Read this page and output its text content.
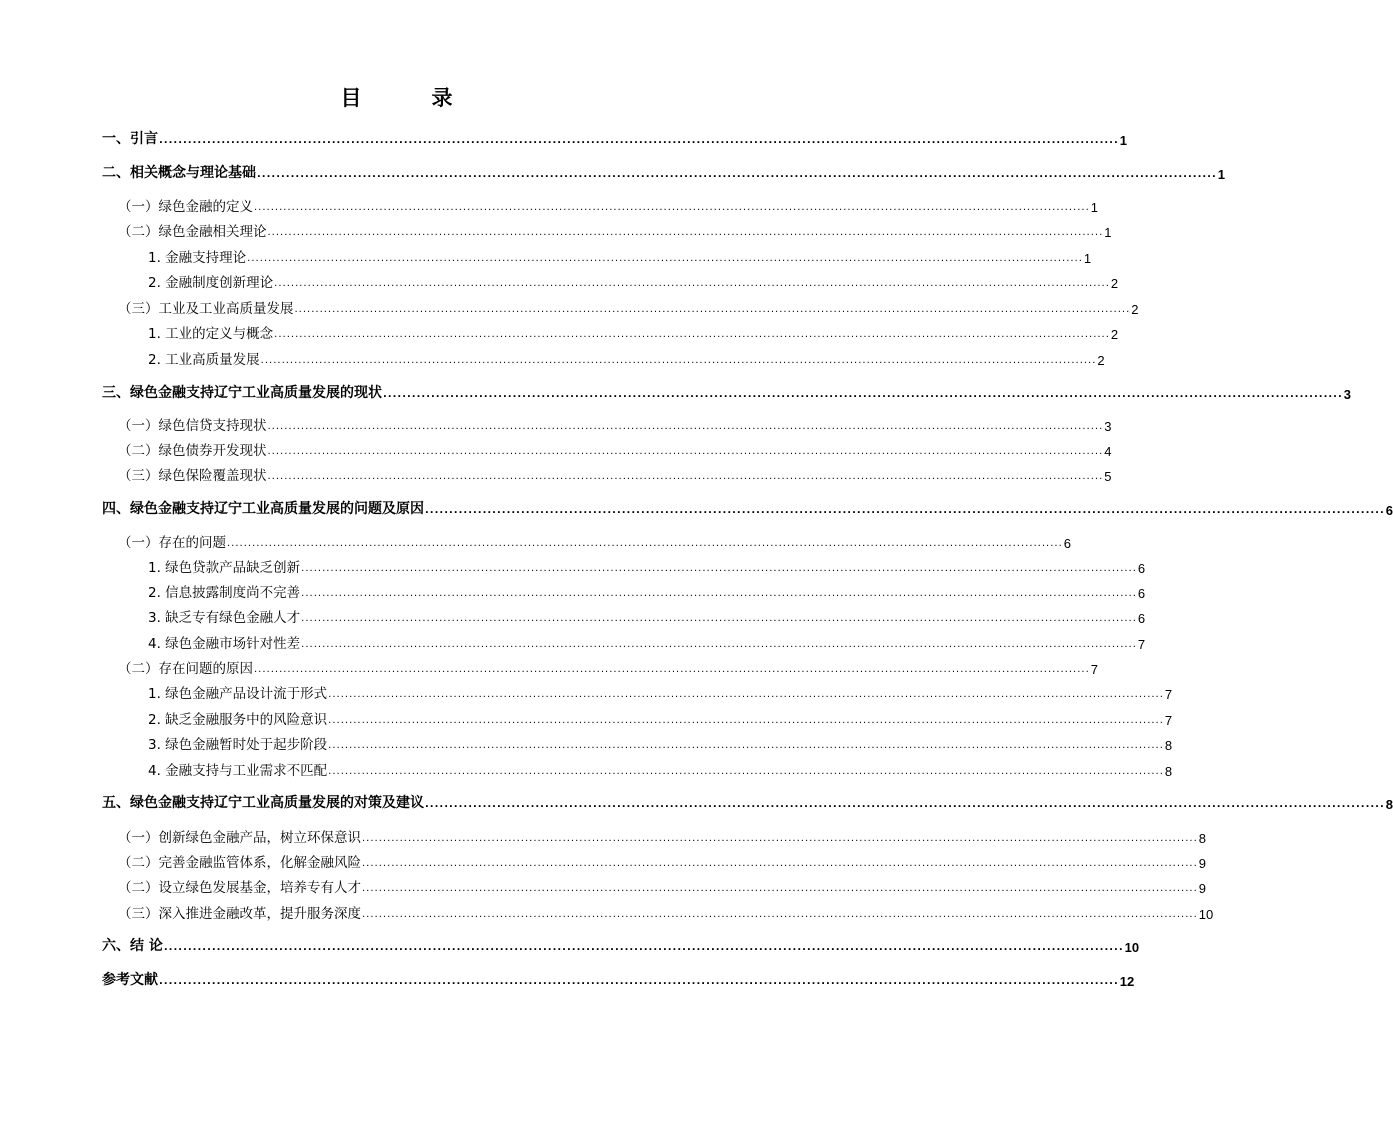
目	录
一、引言 ........................................................................................................................................................................................................ 1
二、相关概念与理论基础 ........................................................................................................................................................................................................ 1
（一）绿色金融的定义 ........................................................................................................................................................................................................ 1
（二）绿色金融相关理论 ........................................................................................................................................................................................................ 1
1. 金融支持理论 ........................................................................................................................................................................................................ 1
2. 金融制度创新理论 ........................................................................................................................................................................................................ 2
（三）工业及工业高质量发展 ........................................................................................................................................................................................................ 2
1. 工业的定义与概念 ........................................................................................................................................................................................................ 2
2. 工业高质量发展 ........................................................................................................................................................................................................ 2
三、绿色金融支持辽宁工业高质量发展的现状 ........................................................................................................................................................................................................ 3
（一）绿色信贷支持现状 ........................................................................................................................................................................................................ 3
（二）绿色债券开发现状 ........................................................................................................................................................................................................ 4
（三）绿色保险覆盖现状 ........................................................................................................................................................................................................ 5
四、绿色金融支持辽宁工业高质量发展的问题及原因 ........................................................................................................................................................................................................ 6
（一）存在的问题 ........................................................................................................................................................................................................ 6
1. 绿色贷款产品缺乏创新 ........................................................................................................................................................................................................ 6
2. 信息披露制度尚不完善 ........................................................................................................................................................................................................ 6
3. 缺乏专有绿色金融人才 ........................................................................................................................................................................................................ 6
4. 绿色金融市场针对性差 ........................................................................................................................................................................................................ 7
（二）存在问题的原因 ........................................................................................................................................................................................................ 7
1. 绿色金融产品设计流于形式 ........................................................................................................................................................................................................ 7
2. 缺乏金融服务中的风险意识 ........................................................................................................................................................................................................ 7
3. 绿色金融暂时处于起步阶段 ........................................................................................................................................................................................................ 8
4. 金融支持与工业需求不匹配 ........................................................................................................................................................................................................ 8
五、绿色金融支持辽宁工业高质量发展的对策及建议 ........................................................................................................................................................................................................ 8
（一）创新绿色金融产品，树立环保意识 ........................................................................................................................................................................................................ 8
（二）完善金融监管体系，化解金融风险 ........................................................................................................................................................................................................ 9
（二）设立绿色发展基金，培养专有人才 ........................................................................................................................................................................................................ 9
（三）深入推进金融改革，提升服务深度 ........................................................................................................................................................................................................ 10
六、结 论 ........................................................................................................................................................................................................ 10
参考文献 ........................................................................................................................................................................................................ 12
